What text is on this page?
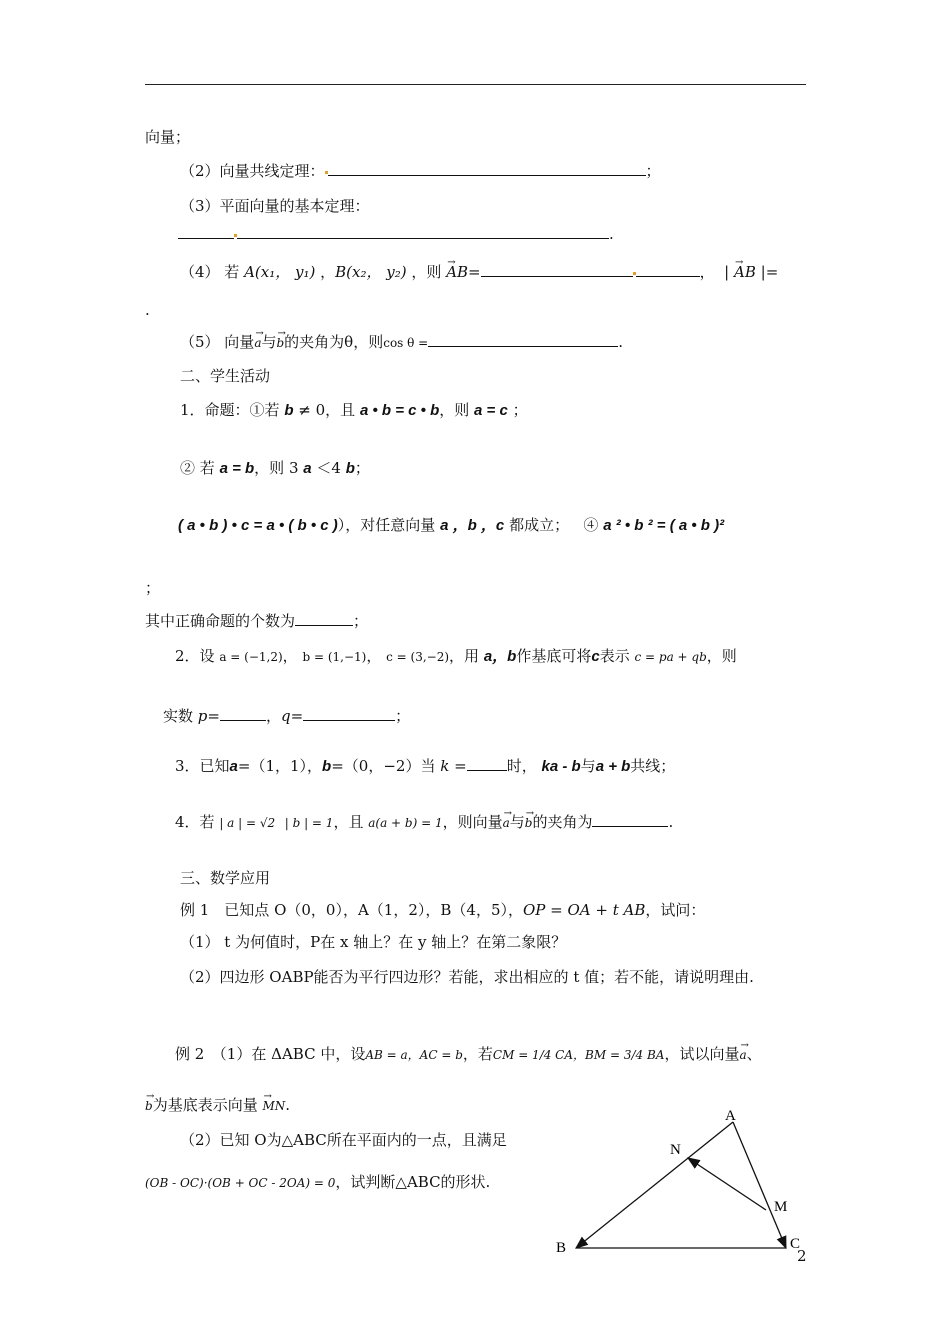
向量；
（2）向量共线定理：	；
（3）平面向量的基本定理：
.
（4） 若 A(x₁， y₁) ，B(x₂， y₂) ，则 → AB=	，  | → AB |=
.
（5） 向量→ a与→ b的夹角为θ，则cos θ =	.
二、学生活动
1．命题：①若 b ≠ 0，且 a • b = c • b，则 a = c ；
② 若 a = b，则 3 a ＜4 b；
( a • b ) • c = a • ( b • c )），对任意向量 a ，b ，c 都成立； ④ a ² • b ² = ( a • b )²
；
其中正确命题的个数为	；
2．设 a = (−1,2)， b = (1,−1)， c = (3,−2)，用 a，b作基底可将c表示 c = pa + qb，则
实数 p=	，q=	；
3．已知a=（1，1），b=（0，−2）当 k =	时， ka - b与a + b共线；
4．若 | a | = √2 | b | = 1，且 a(a + b) = 1，则向量→ a与→ b的夹角为	.
三、数学应用
例 1　已知点 O（0，0），A（1，2），B（4，5），OP = OA + t AB，试问：
（1） t 为何值时，P在 x 轴上？在 y 轴上？在第二象限？
（2）四边形 OABP能否为平行四边形？若能，求出相应的 t 值；若不能，请说明理由.
例 2　（1）在 ΔABC 中，设AB = a，AC = b，若CM = 1/4 CA，BM = 3/4 BA，试以向量→ a、
→ b为基底表示向量 → MN.
（2）已知 O为△ABC所在平面内的一点，且满足
(OB - OC)·(OB + OC - 2OA) = 0，试判断△ABC的形状.
A
B	C
M
N
2
